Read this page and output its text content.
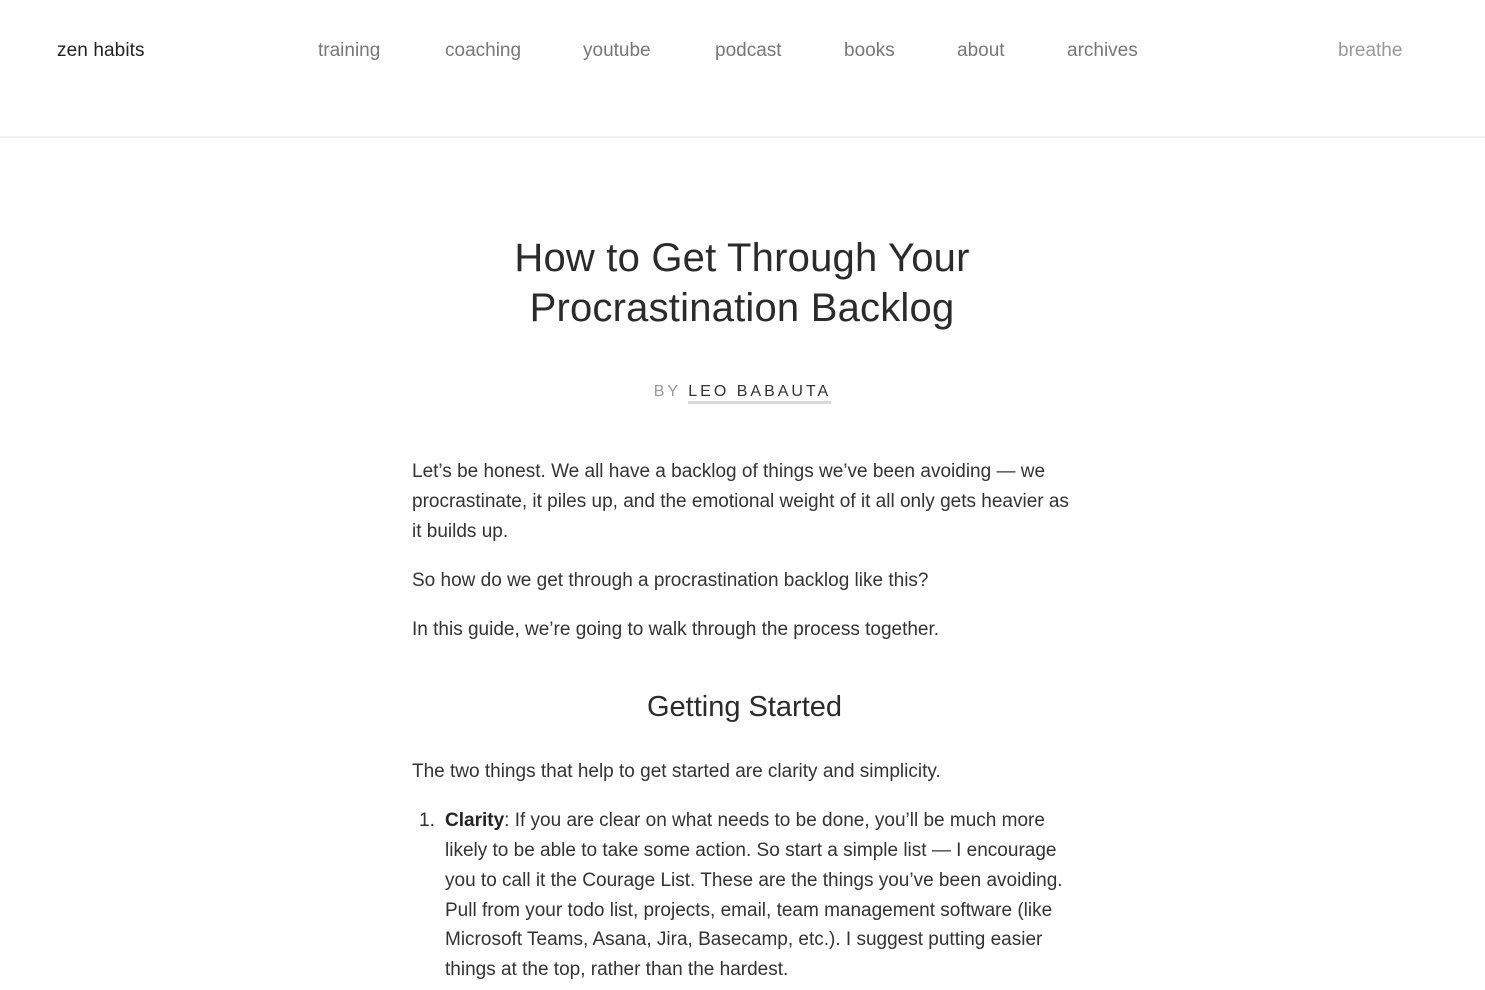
zen habits	training	coaching	youtube	podcast	books	about	archives	breathe
How to Get Through Your Procrastination Backlog
BY LEO BABAUTA

Let’s be honest. We all have a backlog of things we’ve been avoiding — we procrastinate, it piles up, and the emotional weight of it all only gets heavier as it builds up.

So how do we get through a procrastination backlog like this?

In this guide, we’re going to walk through the process together.

Getting Started

The two things that help to get started are clarity and simplicity.

1. Clarity: If you are clear on what needs to be done, you’ll be much more likely to be able to take some action. So start a simple list — I encourage you to call it the Courage List. These are the things you’ve been avoiding. Pull from your todo list, projects, email, team management software (like Microsoft Teams, Asana, Jira, Basecamp, etc.). I suggest putting easier things at the top, rather than the hardest.
